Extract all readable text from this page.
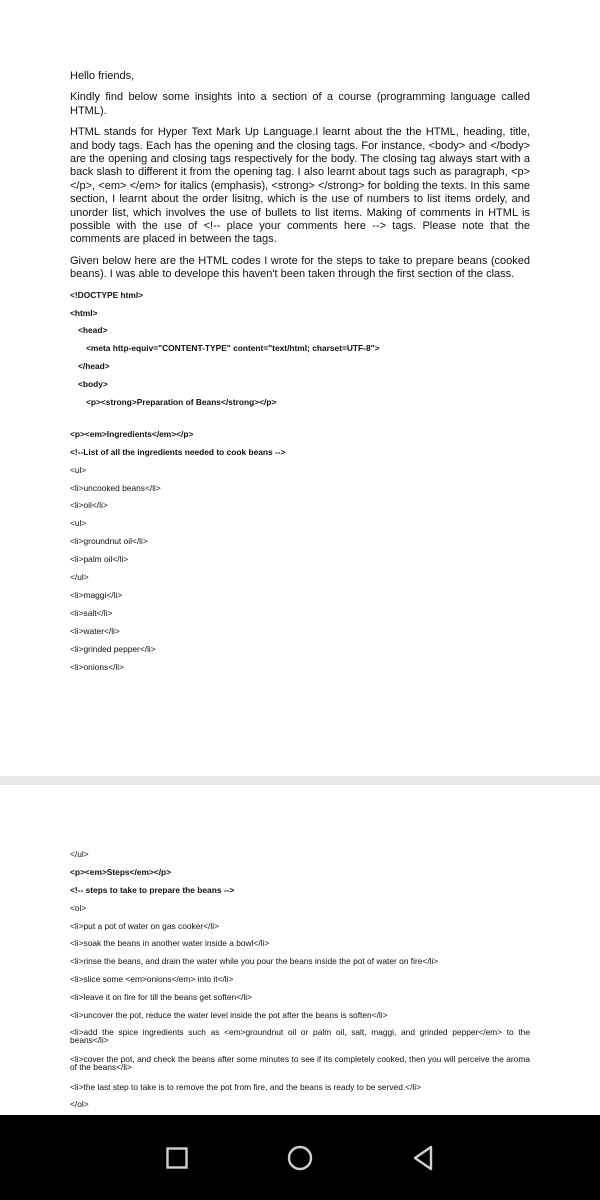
Hello friends,

Kindly find below some insights into a section of a course (programming language called HTML).

HTML stands for Hyper Text Mark Up Language.I learnt about the the HTML, heading, title, and body tags. Each has the opening and the closing tags. For instance, <body> and </body> are the opening and closing tags respectively for the body. The closing tag always start with a back slash to different it from the opening tag. I also learnt about tags such as paragraph, <p> </p>, <em> </em> for italics (emphasis), <strong> </strong> for bolding the texts. In this same section, I learnt about the order lisitng, which is the use of numbers to list items ordely, and unorder list, which involves the use of bullets to list items. Making of comments in HTML is possible with the use of <!-- place your comments here --> tags. Please note that the comments are placed in between the tags.

Given below here are the HTML codes I wrote for the steps to take to prepare beans (cooked beans). I was able to develope this haven't been taken through the first section of the class.

<!DOCTYPE html>
<html>
<head>
<meta http-equiv="CONTENT-TYPE" content="text/html; charset=UTF-8">
</head>
<body>
<p><strong>Preparation of Beans</strong></p>
<p><em>Ingredients</em></p>
<!--List of all the ingredients needed to cook beans -->
<ul>
<li>uncooked beans</li>
<li>oil</li>
<ul>
<li>groundnut oil</li>
<li>palm oil</li>
</ul>
<li>maggi</li>
<li>salt</li>
<li>water</li>
<li>grinded pepper</li>
<li>onions</li>
</ul>
<p><em>Steps</em></p>
<!-- steps to take to prepare the beans -->
<ol>
<li>put a pot of water on gas cooker</li>
<li>soak the beans in another water inside a bowl</li>
<li>rinse the beans, and drain the water while you pour the beans inside the pot of water on fire</li>
<li>slice some <em>onions</em> into it</li>
<li>leave it on fire for till the beans get soften</li>
<li>uncover the pot, reduce the water level inside the pot after the beans is soften</li>
<li>add the spice ingredients such as <em>groundnut oil or palm oil, salt, maggi, and grinded pepper</em> to the beans</li>
<li>cover the pot, and check the beans after some minutes to see if its completely cooked, then you will perceive the aroma of the beans</li>
<li>the last step to take is to remove the pot from fire, and the beans is ready to be served.</li>
</ol>
